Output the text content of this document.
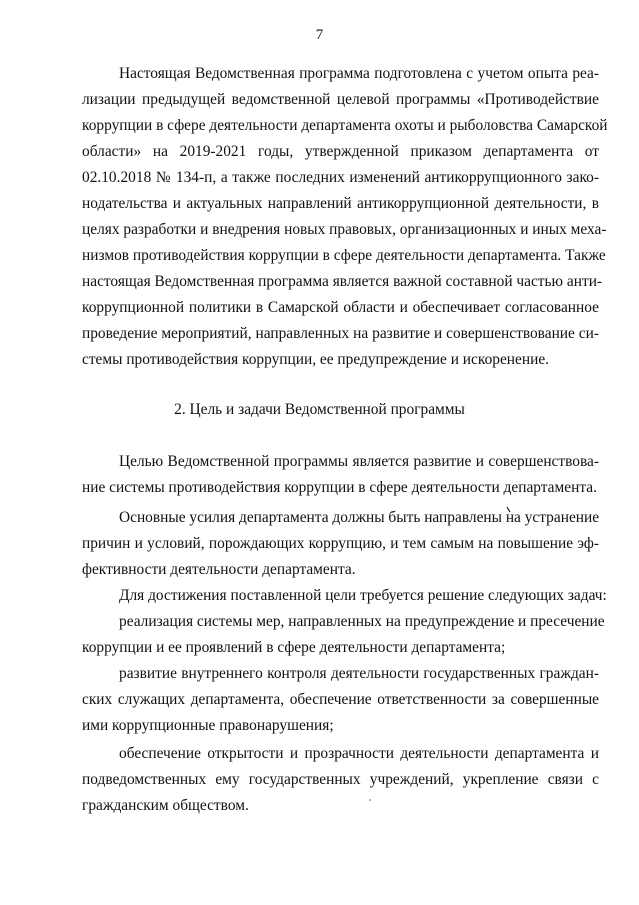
7

Настоящая Ведомственная программа подготовлена с учетом опыта реа-

лизации предыдущей ведомственной целевой программы «Противодействие

коррупции в сфере деятельности департамента охоты и рыболовства Самарской

области» на 2019-2021 годы, утвержденной приказом департамента от

02.10.2018 № 134-п, а также последних изменений антикоррупционного зако-

нодательства и актуальных направлений антикоррупционной деятельности, в

целях разработки и внедрения новых правовых, организационных и иных меха-

низмов противодействия коррупции в сфере деятельности департамента. Также

настоящая Ведомственная программа является важной составной частью анти-

коррупционной политики в Самарской области и обеспечивает согласованное

проведение мероприятий, направленных на развитие и совершенствование си-

стемы противодействия коррупции, ее предупреждение и искоренение.

2. Цель и задачи Ведомственной программы

Целью Ведомственной программы является развитие и совершенствова-

ние системы противодействия коррупции в сфере деятельности департамента.

Основные усилия департамента должны быть направлены на устранение

причин и условий, порождающих коррупцию, и тем самым на повышение эф-

фективности деятельности департамента.

Для достижения поставленной цели требуется решение следующих задач:

реализация системы мер, направленных на предупреждение и пресечение

коррупции и ее проявлений в сфере деятельности департамента;

развитие внутреннего контроля деятельности государственных граждан-

ских служащих департамента, обеспечение ответственности за совершенные

ими коррупционные правонарушения;

обеспечение открытости и прозрачности деятельности департамента и

подведомственных ему государственных учреждений, укрепление связи с

гражданским обществом.
